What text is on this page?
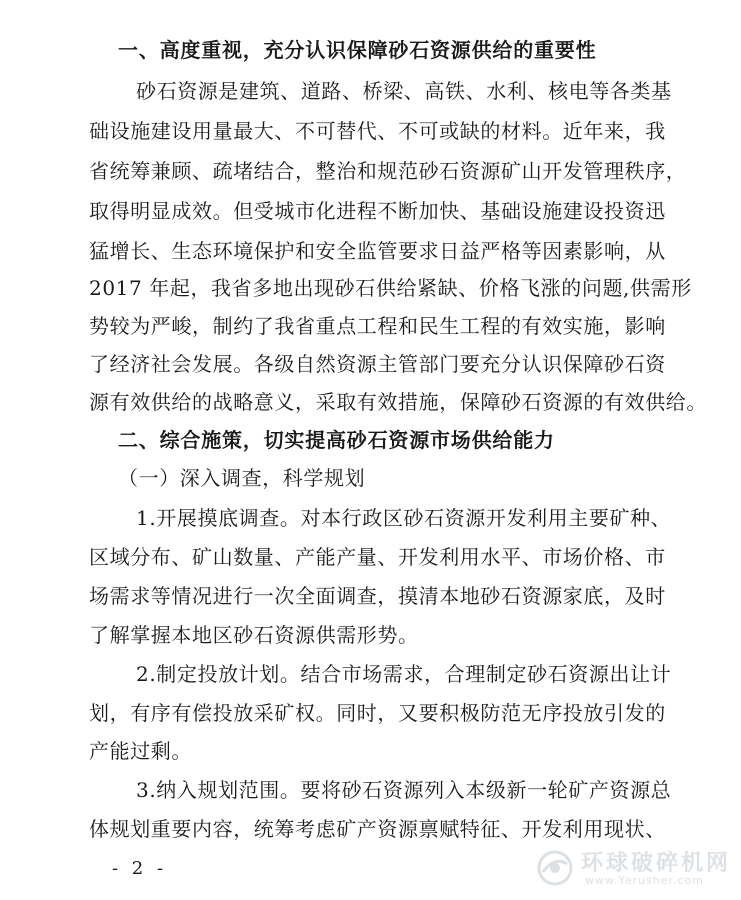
一、高度重视，充分认识保障砂石资源供给的重要性
砂石资源是建筑、道路、桥梁、高铁、水利、核电等各类基
础设施建设用量最大、不可替代、不可或缺的材料。近年来，我
省统筹兼顾、疏堵结合，整治和规范砂石资源矿山开发管理秩序，
取得明显成效。但受城市化进程不断加快、基础设施建设投资迅
猛增长、生态环境保护和安全监管要求日益严格等因素影响，从
2017 年起，我省多地出现砂石供给紧缺、价格飞涨的问题,供需形
势较为严峻，制约了我省重点工程和民生工程的有效实施，影响
了经济社会发展。各级自然资源主管部门要充分认识保障砂石资
源有效供给的战略意义，采取有效措施，保障砂石资源的有效供给。
二、综合施策，切实提高砂石资源市场供给能力
（一）深入调查，科学规划
1.开展摸底调查。对本行政区砂石资源开发利用主要矿种、
区域分布、矿山数量、产能产量、开发利用水平、市场价格、市
场需求等情况进行一次全面调查，摸清本地砂石资源家底，及时
了解掌握本地区砂石资源供需形势。
2.制定投放计划。结合市场需求，合理制定砂石资源出让计
划，有序有偿投放采矿权。同时，又要积极防范无序投放引发的
产能过剩。
3.纳入规划范围。要将砂石资源列入本级新一轮矿产资源总
体规划重要内容，统筹考虑矿产资源禀赋特征、开发利用现状、
- 2 -	环球破碎机网
www.Yerusher.com
